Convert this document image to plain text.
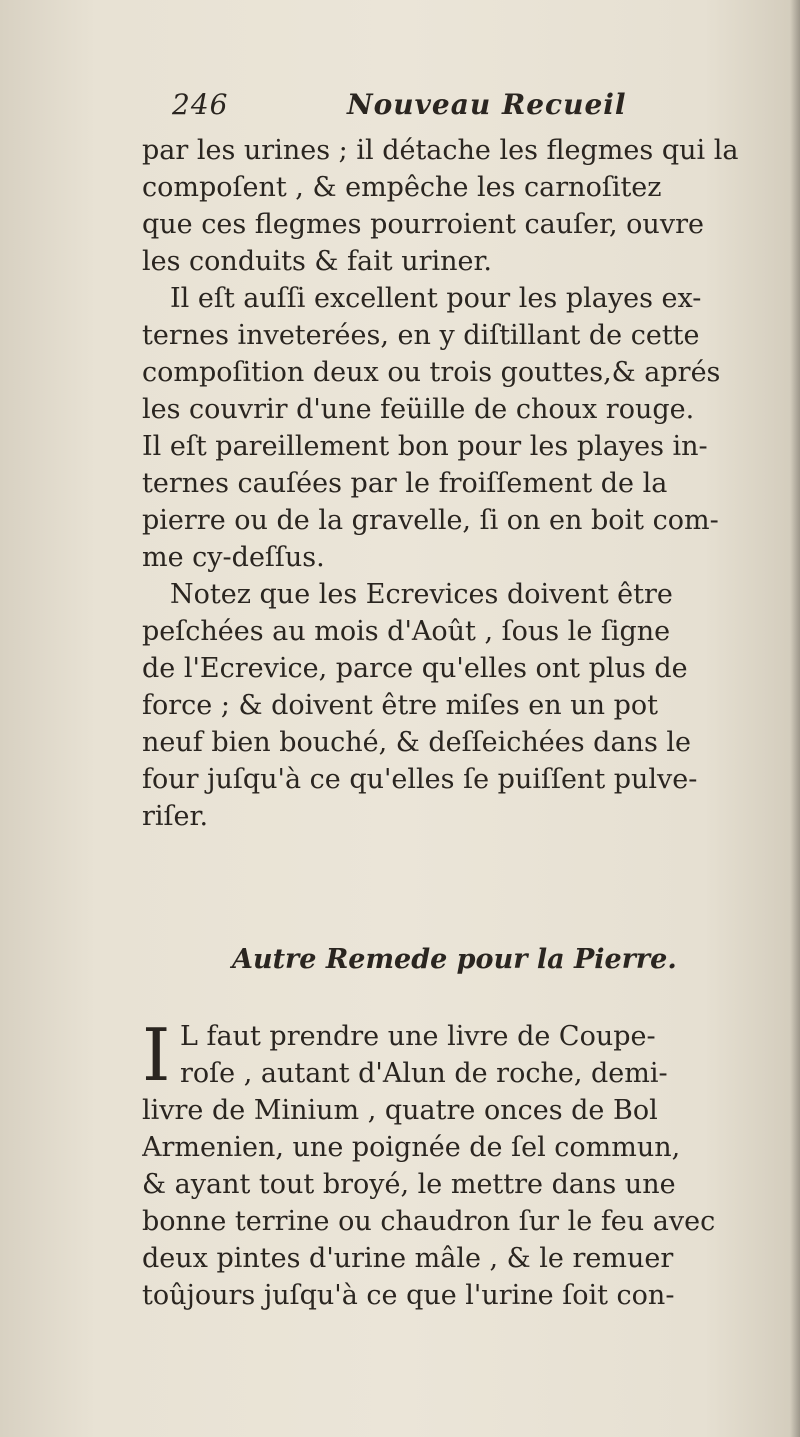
246	Nouveau Recueil
par les urines ; il détache les flegmes qui la
compoſent , & empêche les carnoſitez
que ces flegmes pourroient cauſer, ouvre
les conduits & fait uriner.
Il eſt auſſi excellent pour les playes ex-
ternes inveterées, en y diſtillant de cette
compoſition deux ou trois gouttes,& aprés
les couvrir d'une feüille de choux rouge.
Il eſt pareillement bon pour les playes in-
ternes cauſées par le froiſſement de la
pierre ou de la gravelle, ſi on en boit com-
me cy-deſſus.
Notez que les Ecrevices doivent être
peſchées au mois d'Août , ſous le ſigne
de l'Ecrevice, parce qu'elles ont plus de
force ; & doivent être miſes en un pot
neuf bien bouché, & deſſeichées dans le
four juſqu'à ce qu'elles ſe puiſſent pulve-
riſer.
Autre Remede pour la Pierre.
I L faut prendre une livre de Coupe-
roſe , autant d'Alun de roche, demi-
livre de Minium , quatre onces de Bol
Armenien, une poignée de ſel commun,
& ayant tout broyé, le mettre dans une
bonne terrine ou chaudron ſur le feu avec
deux pintes d'urine mâle , & le remuer
toûjours juſqu'à ce que l'urine ſoit con-
